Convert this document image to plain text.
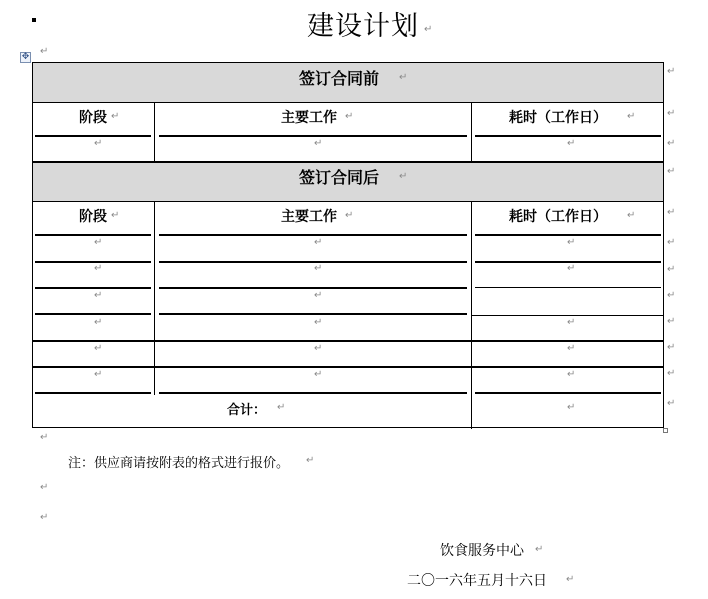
建设计划 ↵
✥ ↵
签订合同前 ↵
阶段 ↵	主要工作 ↵	耗时（工作日） ↵
↵	↵	↵
签订合同后 ↵
阶段 ↵	主要工作 ↵	耗时（工作日） ↵
↵	↵	↵
↵	↵	↵
↵	↵
↵	↵	↵
↵	↵	↵
↵	↵	↵
合计： ↵	↵
↵
↵
↵
↵
↵
↵
↵
↵
↵
↵
↵
↵
↵
注：供应商请按附表的格式进行报价。 ↵
↵
↵
饮食服务中心 ↵
二〇一六年五月十六日 ↵
